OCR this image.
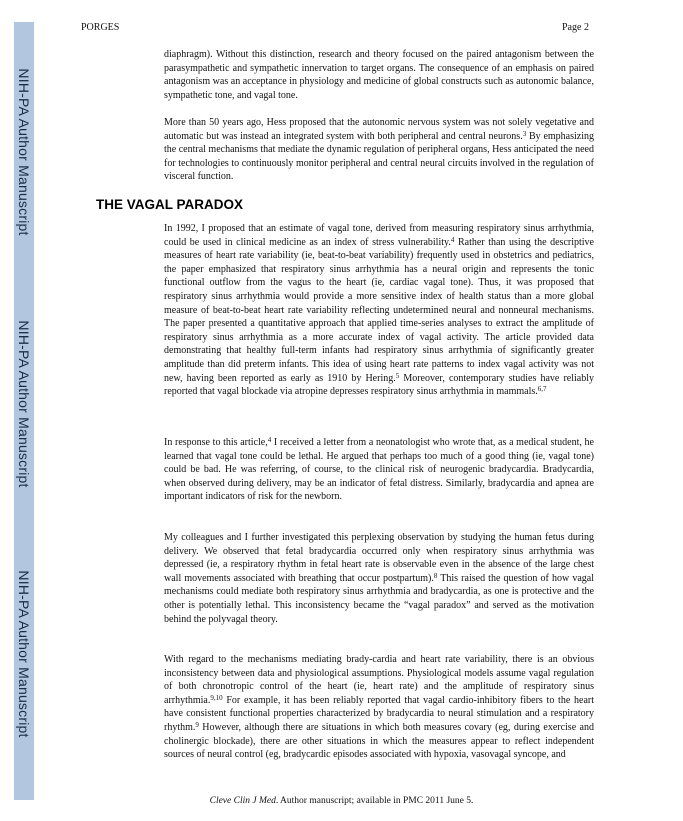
NIH-PA Author Manuscript
NIH-PA Author Manuscript
NIH-PA Author Manuscript
PORGES	Page 2

diaphragm). Without this distinction, research and theory focused on the paired antagonism between the parasympathetic and sympathetic innervation to target organs. The consequence of an emphasis on paired antagonism was an acceptance in physiology and medicine of global constructs such as autonomic balance, sympathetic tone, and vagal tone.

More than 50 years ago, Hess proposed that the autonomic nervous system was not solely vegetative and automatic but was instead an integrated system with both peripheral and central neurons.$^3$ By emphasizing the central mechanisms that mediate the dynamic regulation of peripheral organs, Hess anticipated the need for technologies to continuously monitor peripheral and central neural circuits involved in the regulation of visceral function.

THE VAGAL PARADOX

In 1992, I proposed that an estimate of vagal tone, derived from measuring respiratory sinus arrhythmia, could be used in clinical medicine as an index of stress vulnerability.$^4$ Rather than using the descriptive measures of heart rate variability (ie, beat-to-beat variability) frequently used in obstetrics and pediatrics, the paper emphasized that respiratory sinus arrhythmia has a neural origin and represents the tonic functional outflow from the vagus to the heart (ie, cardiac vagal tone). Thus, it was proposed that respiratory sinus arrhythmia would provide a more sensitive index of health status than a more global measure of beat-to-beat heart rate variability reflecting undetermined neural and nonneural mechanisms. The paper presented a quantitative approach that applied time-series analyses to extract the amplitude of respiratory sinus arrhythmia as a more accurate index of vagal activity. The article provided data demonstrating that healthy full-term infants had respiratory sinus arrhythmia of significantly greater amplitude than did preterm infants. This idea of using heart rate patterns to index vagal activity was not new, having been reported as early as 1910 by Hering.$^5$ Moreover, contemporary studies have reliably reported that vagal blockade via atropine depresses respiratory sinus arrhythmia in mammals.$^{6,7}$

In response to this article,$^4$ I received a letter from a neonatologist who wrote that, as a medical student, he learned that vagal tone could be lethal. He argued that perhaps too much of a good thing (ie, vagal tone) could be bad. He was referring, of course, to the clinical risk of neurogenic bradycardia. Bradycardia, when observed during delivery, may be an indicator of fetal distress. Similarly, bradycardia and apnea are important indicators of risk for the newborn.

My colleagues and I further investigated this perplexing observation by studying the human fetus during delivery. We observed that fetal bradycardia occurred only when respiratory sinus arrhythmia was depressed (ie, a respiratory rhythm in fetal heart rate is observable even in the absence of the large chest wall movements associated with breathing that occur postpartum).$^8$ This raised the question of how vagal mechanisms could mediate both respiratory sinus arrhythmia and bradycardia, as one is protective and the other is potentially lethal. This inconsistency became the “vagal paradox” and served as the motivation behind the polyvagal theory.

With regard to the mechanisms mediating brady-cardia and heart rate variability, there is an obvious inconsistency between data and physiological assumptions. Physiological models assume vagal regulation of both chronotropic control of the heart (ie, heart rate) and the amplitude of respiratory sinus arrhythmia.$^{9,10}$ For example, it has been reliably reported that vagal cardio-inhibitory fibers to the heart have consistent functional properties characterized by bradycardia to neural stimulation and a respiratory rhythm.$^9$ However, although there are situations in which both measures covary (eg, during exercise and cholinergic blockade), there are other situations in which the measures appear to reflect independent sources of neural control (eg, bradycardic episodes associated with hypoxia, vasovagal syncope, and

Cleve Clin J Med. Author manuscript; available in PMC 2011 June 5.
